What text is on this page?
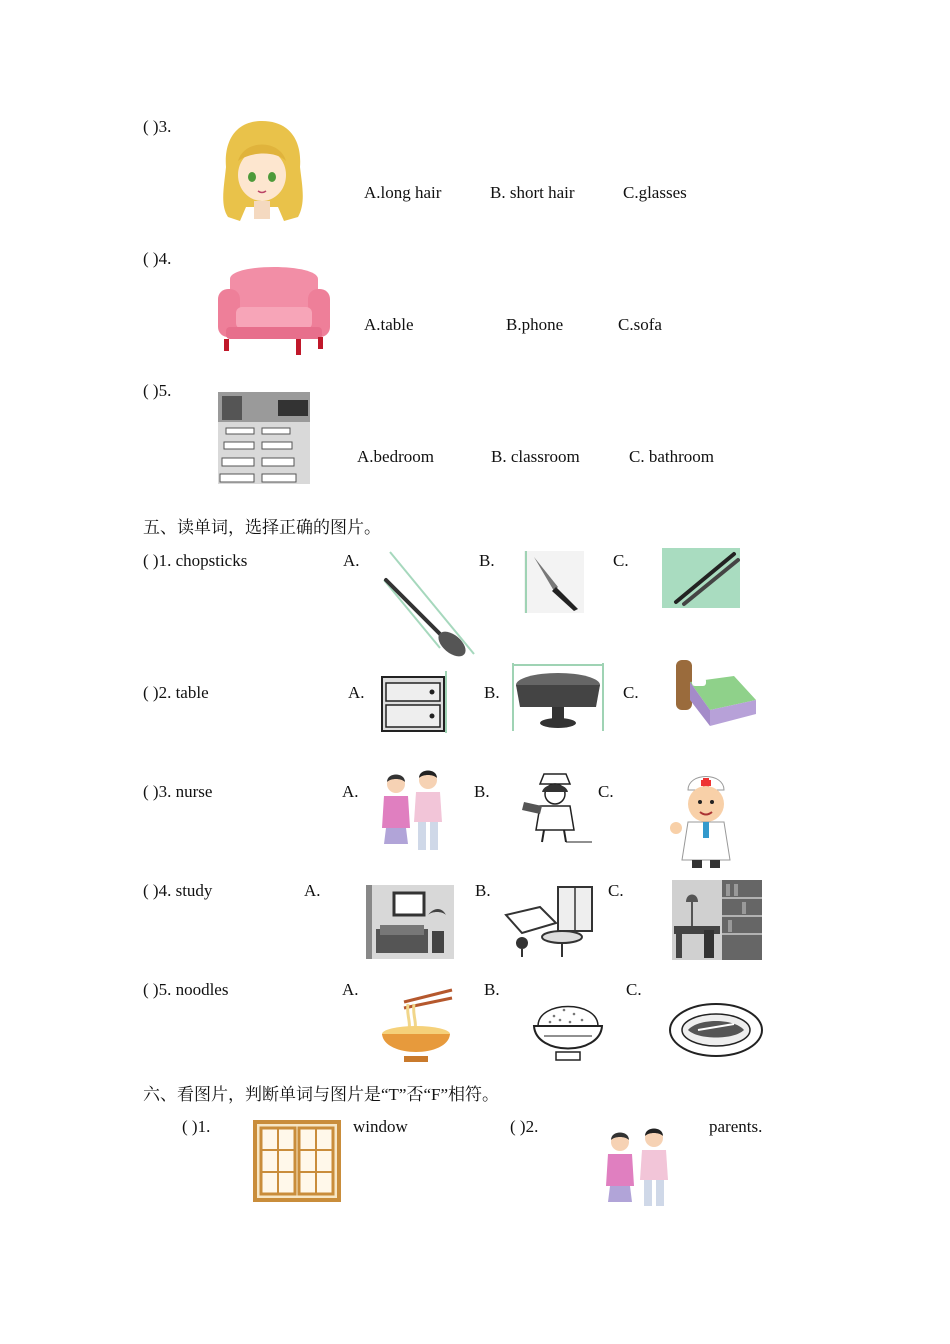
( )3.
A.long hair	B. short hair	C.glasses
( )4.
A.table	B.phone	C.sofa
( )5.
A.bedroom	B. classroom	C. bathroom
五、读单词，选择正确的图片。
( )1. chopsticks	A.	B.	C.
( )2. table	A.	B.	C.
( )3. nurse	A.	B.	C.
( )4. study	A.	B.	C.
( )5. noodles	A.	B.	C.
六、看图片，判断单词与图片是“T”否“F”相符。
( )1.	window	( )2.	parents.
